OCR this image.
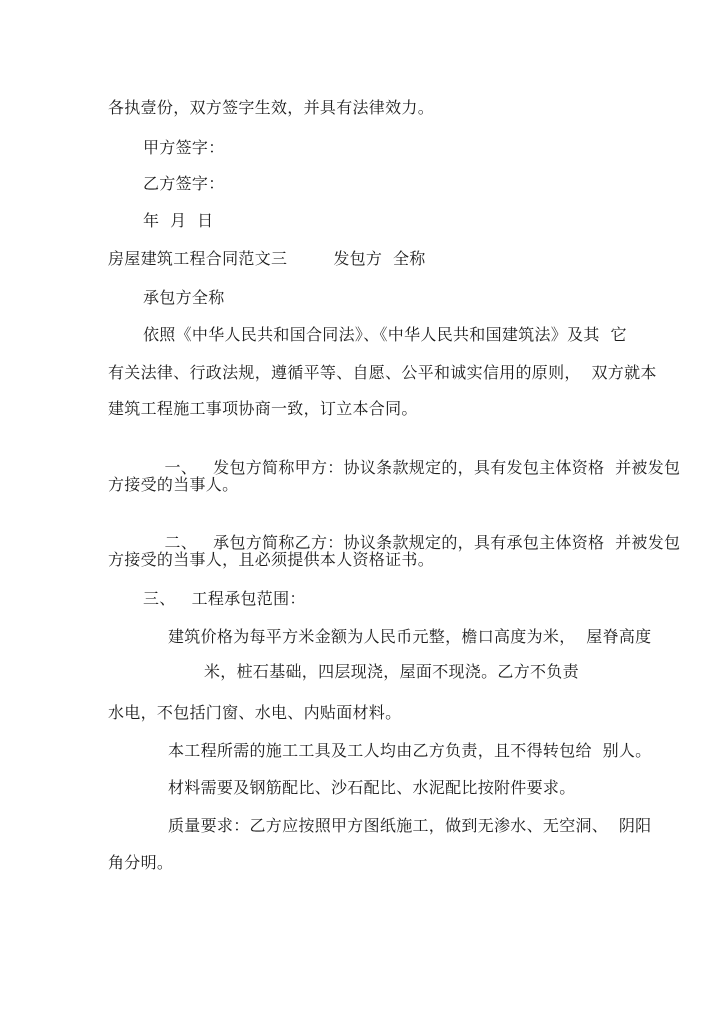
各执壹份，双方签字生效，并具有法律效力。
甲方签字：
乙方签字：
年  月  日
房屋建筑工程合同范文三	发包方  全称
承包方全称
依照《中华人民共和国合同法》、《中华人民共和国建筑法》及其  它
有关法律、行政法规，遵循平等、自愿、公平和诚实信用的原则，  双方就本
建筑工程施工事项协商一致，订立本合同。

一、 发包方简称甲方：协议条款规定的，具有发包主体资格  并被发包

方接受的当事人。

二、 承包方简称乙方：协议条款规定的，具有承包主体资格  并被发包

方接受的当事人，且必须提供本人资格证书。
三、 工程承包范围：
建筑价格为每平方米金额为人民币元整，檐口高度为米，  屋脊高度
米，桩石基础，四层现浇，屋面不现浇。乙方不负责
水电，不包括门窗、水电、内贴面材料。
本工程所需的施工工具及工人均由乙方负责，且不得转包给  别人。
材料需要及钢筋配比、沙石配比、水泥配比按附件要求。
质量要求：乙方应按照甲方图纸施工，做到无渗水、无空洞、  阴阳
角分明。
